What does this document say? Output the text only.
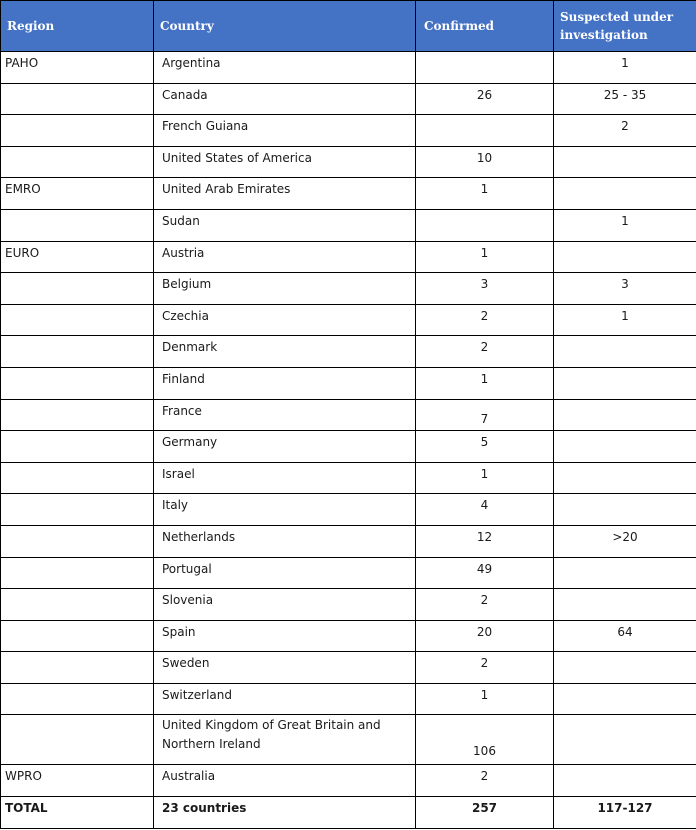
Region	Country	Confirmed	Suspected under investigation
PAHO	Argentina		1
	Canada	26	25 - 35
	French Guiana		2
	United States of America	10	
EMRO	United Arab Emirates	1	
	Sudan		1
EURO	Austria	1	
	Belgium	3	3
	Czechia	2	1
	Denmark	2	
	Finland	1	
	France	7	
	Germany	5	
	Israel	1	
	Italy	4	
	Netherlands	12	>20
	Portugal	49	
	Slovenia	2	
	Spain	20	64
	Sweden	2	
	Switzerland	1	
	United Kingdom of Great Britain and Northern Ireland	106	
WPRO	Australia	2	
TOTAL	23 countries	257	117-127
